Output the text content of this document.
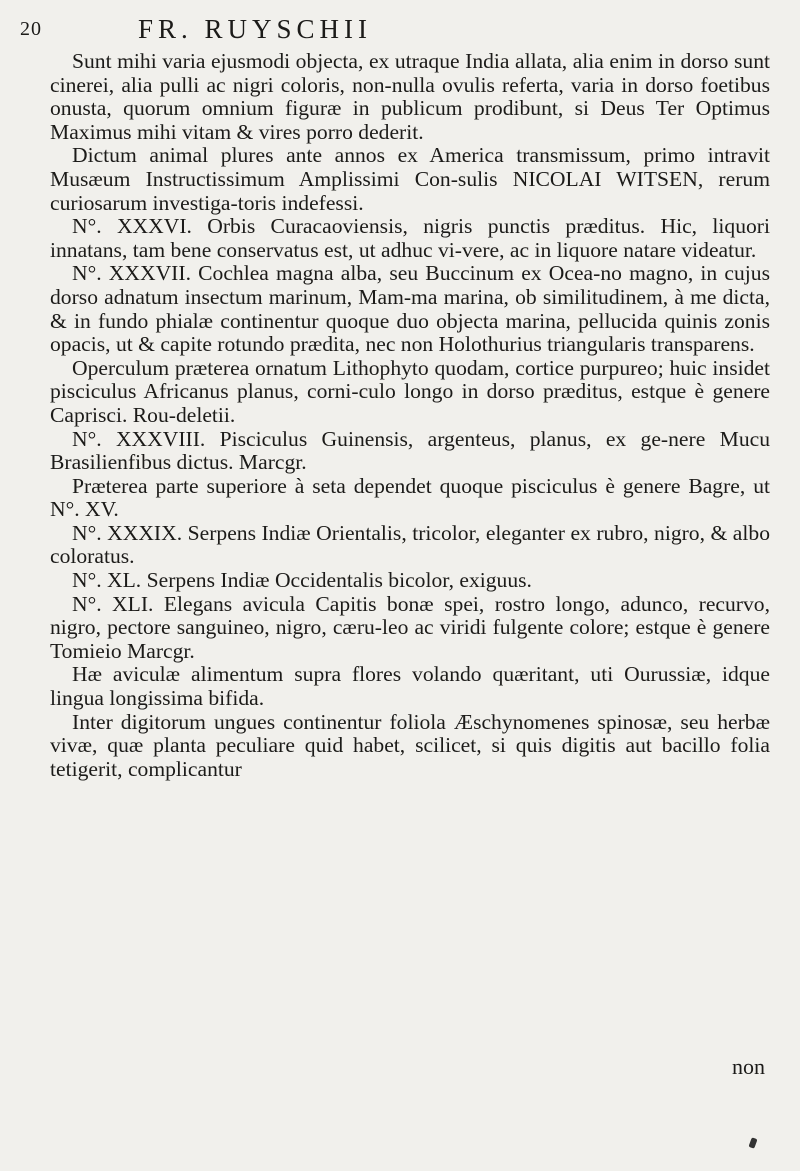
20	FR. RUYSCHII

Sunt mihi varia ejusmodi objecta, ex utraque India allata, alia enim in dorso sunt cinerei, alia pulli ac nigri coloris, non-nulla ovulis referta, varia in dorso foetibus onusta, quorum omnium figuræ in publicum prodibunt, si Deus Ter Optimus Maximus mihi vitam & vires porro dederit.

Dictum animal plures ante annos ex America transmissum, primo intravit Musæum Instructissimum Amplissimi Con-sulis NICOLAI WITSEN, rerum curiosarum investiga-toris indefessi.

N°. XXXVI. Orbis Curacaoviensis, nigris punctis præditus. Hic, liquori innatans, tam bene conservatus est, ut adhuc vi-vere, ac in liquore natare videatur.

N°. XXXVII. Cochlea magna alba, seu Buccinum ex Ocea-no magno, in cujus dorso adnatum insectum marinum, Mam-ma marina, ob similitudinem, à me dicta, & in fundo phialæ continentur quoque duo objecta marina, pellucida quinis zonis opacis, ut & capite rotundo prædita, nec non Holothurius triangularis transparens.

Operculum præterea ornatum Lithophyto quodam, cortice purpureo; huic insidet pisciculus Africanus planus, corni-culo longo in dorso præditus, estque è genere Caprisci. Rou-deletii.

N°. XXXVIII. Pisciculus Guinensis, argenteus, planus, ex ge-nere Mucu Brasilienfibus dictus. Marcgr.

Præterea parte superiore à seta dependet quoque pisciculus è genere Bagre, ut N°. XV.

N°. XXXIX. Serpens Indiæ Orientalis, tricolor, eleganter ex rubro, nigro, & albo coloratus.

N°. XL. Serpens Indiæ Occidentalis bicolor, exiguus.

N°. XLI. Elegans avicula Capitis bonæ spei, rostro longo, adunco, recurvo, nigro, pectore sanguineo, nigro, cæru-leo ac viridi fulgente colore; estque è genere Tomieio Marcgr.

Hæ aviculæ alimentum supra flores volando quæritant, uti Ourussiæ, idque lingua longissima bifida.

Inter digitorum ungues continentur foliola Æschynomenes spinosæ, seu herbæ vivæ, quæ planta peculiare quid habet, scilicet, si quis digitis aut bacillo folia tetigerit, complicantur

non
